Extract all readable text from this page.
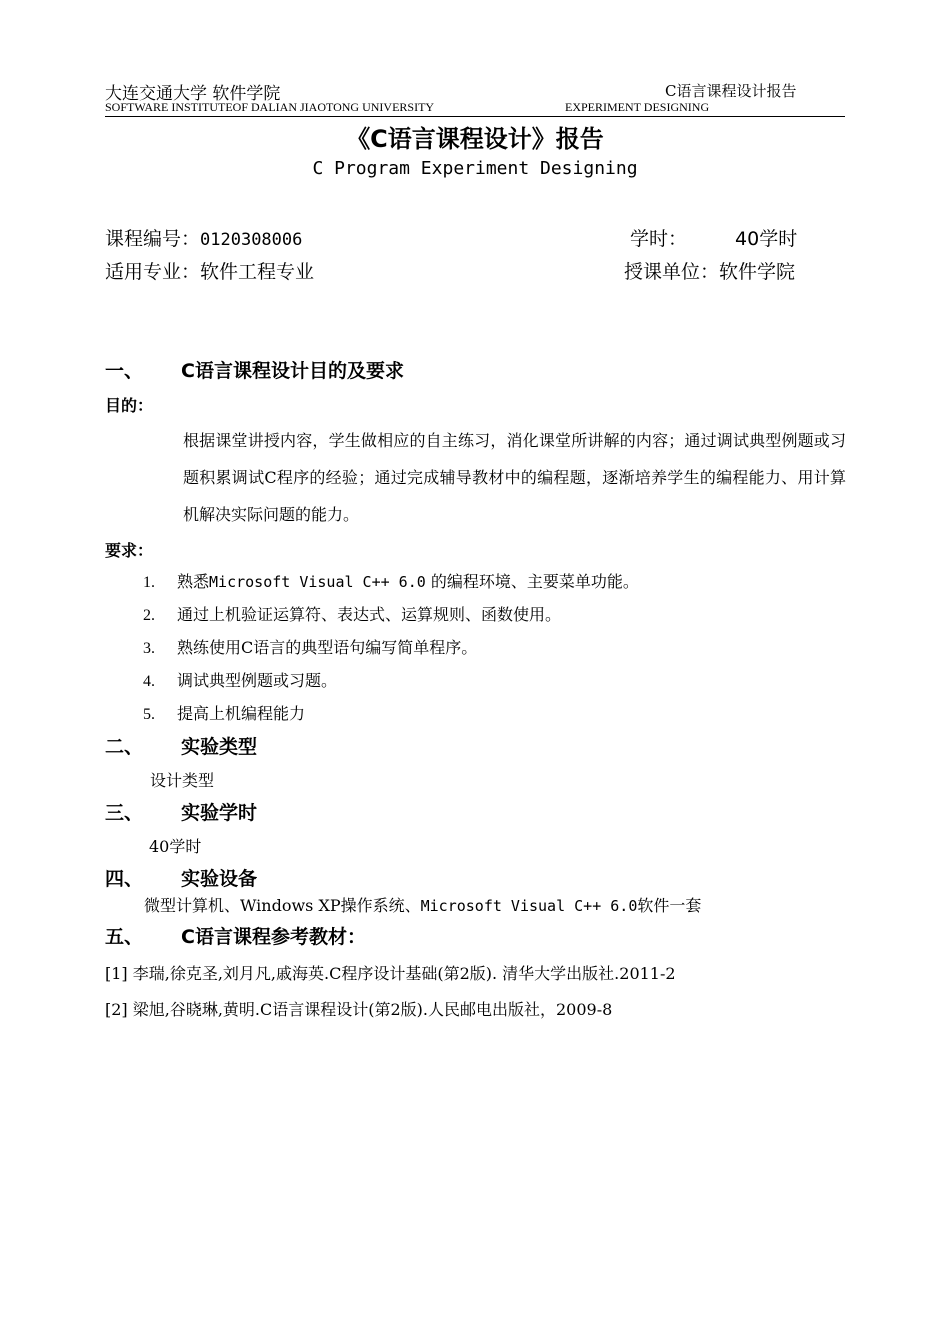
大连交通大学 软件学院
SOFTWARE INSTITUTEOF DALIAN JIAOTONG UNIVERSITY
C语言课程设计报告
EXPERIMENT DESIGNING
《C语言课程设计》报告
C Program Experiment Designing
课程编号：0120308006	学时：	40学时
适用专业：软件工程专业	授课单位：软件学院
一、 C语言课程设计目的及要求
目的：
根据课堂讲授内容，学生做相应的自主练习，消化课堂所讲解的内容；通过调试典型例题或习题积累调试C程序的经验；通过完成辅导教材中的编程题，逐渐培养学生的编程能力、用计算机解决实际问题的能力。
要求：
1. 熟悉Microsoft Visual C++ 6.0 的编程环境、主要菜单功能。
2. 通过上机验证运算符、表达式、运算规则、函数使用。
3. 熟练使用C语言的典型语句编写简单程序。
4. 调试典型例题或习题。
5. 提高上机编程能力
二、 实验类型
设计类型
三、 实验学时
40学时
四、 实验设备
微型计算机、Windows XP操作系统、Microsoft Visual C++ 6.0软件一套
五、 C语言课程参考教材：
[1] 李瑞,徐克圣,刘月凡,戚海英.C程序设计基础(第2版). 清华大学出版社.2011-2
[2] 梁旭,谷晓琳,黄明.C语言课程设计(第2版).人民邮电出版社，2009-8
